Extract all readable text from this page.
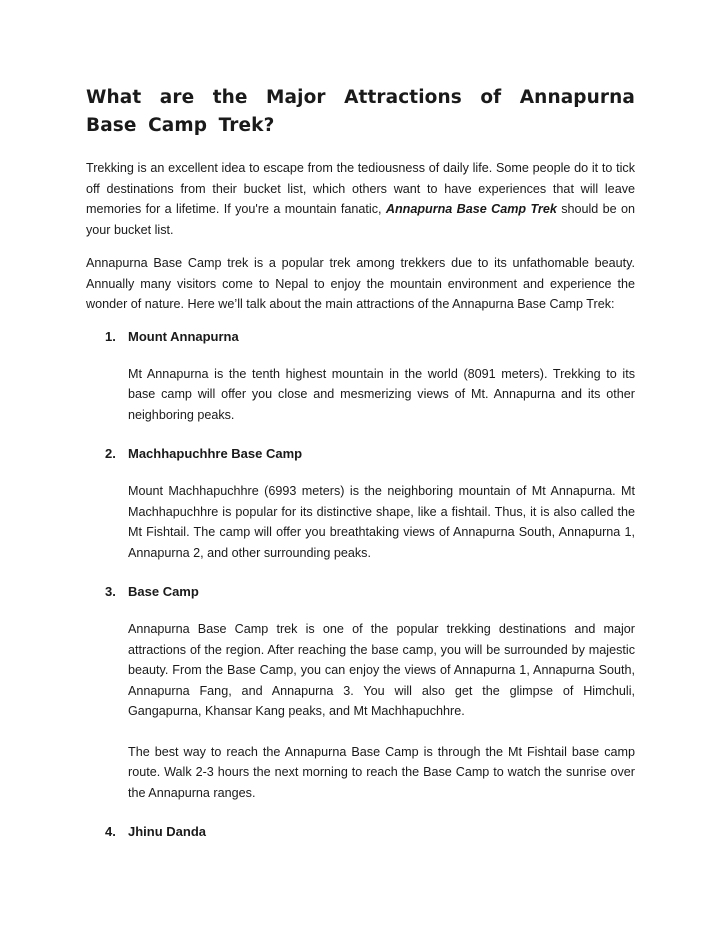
What are the Major Attractions of Annapurna Base Camp Trek?

Trekking is an excellent idea to escape from the tediousness of daily life. Some people do it to tick off destinations from their bucket list, which others want to have experiences that will leave memories for a lifetime. If you're a mountain fanatic, Annapurna Base Camp Trek should be on your bucket list.

Annapurna Base Camp trek is a popular trek among trekkers due to its unfathomable beauty. Annually many visitors come to Nepal to enjoy the mountain environment and experience the wonder of nature. Here we’ll talk about the main attractions of the Annapurna Base Camp Trek:

1. Mount Annapurna

Mt Annapurna is the tenth highest mountain in the world (8091 meters). Trekking to its base camp will offer you close and mesmerizing views of Mt. Annapurna and its other neighboring peaks.

2. Machhapuchhre Base Camp

Mount Machhapuchhre (6993 meters) is the neighboring mountain of Mt Annapurna. Mt Machhapuchhre is popular for its distinctive shape, like a fishtail. Thus, it is also called the Mt Fishtail. The camp will offer you breathtaking views of Annapurna South, Annapurna 1, Annapurna 2, and other surrounding peaks.

3. Base Camp

Annapurna Base Camp trek is one of the popular trekking destinations and major attractions of the region. After reaching the base camp, you will be surrounded by majestic beauty. From the Base Camp, you can enjoy the views of Annapurna 1, Annapurna South, Annapurna Fang, and Annapurna 3. You will also get the glimpse of Himchuli, Gangapurna, Khansar Kang peaks, and Mt Machhapuchhre.

The best way to reach the Annapurna Base Camp is through the Mt Fishtail base camp route. Walk 2-3 hours the next morning to reach the Base Camp to watch the sunrise over the Annapurna ranges.

4. Jhinu Danda
